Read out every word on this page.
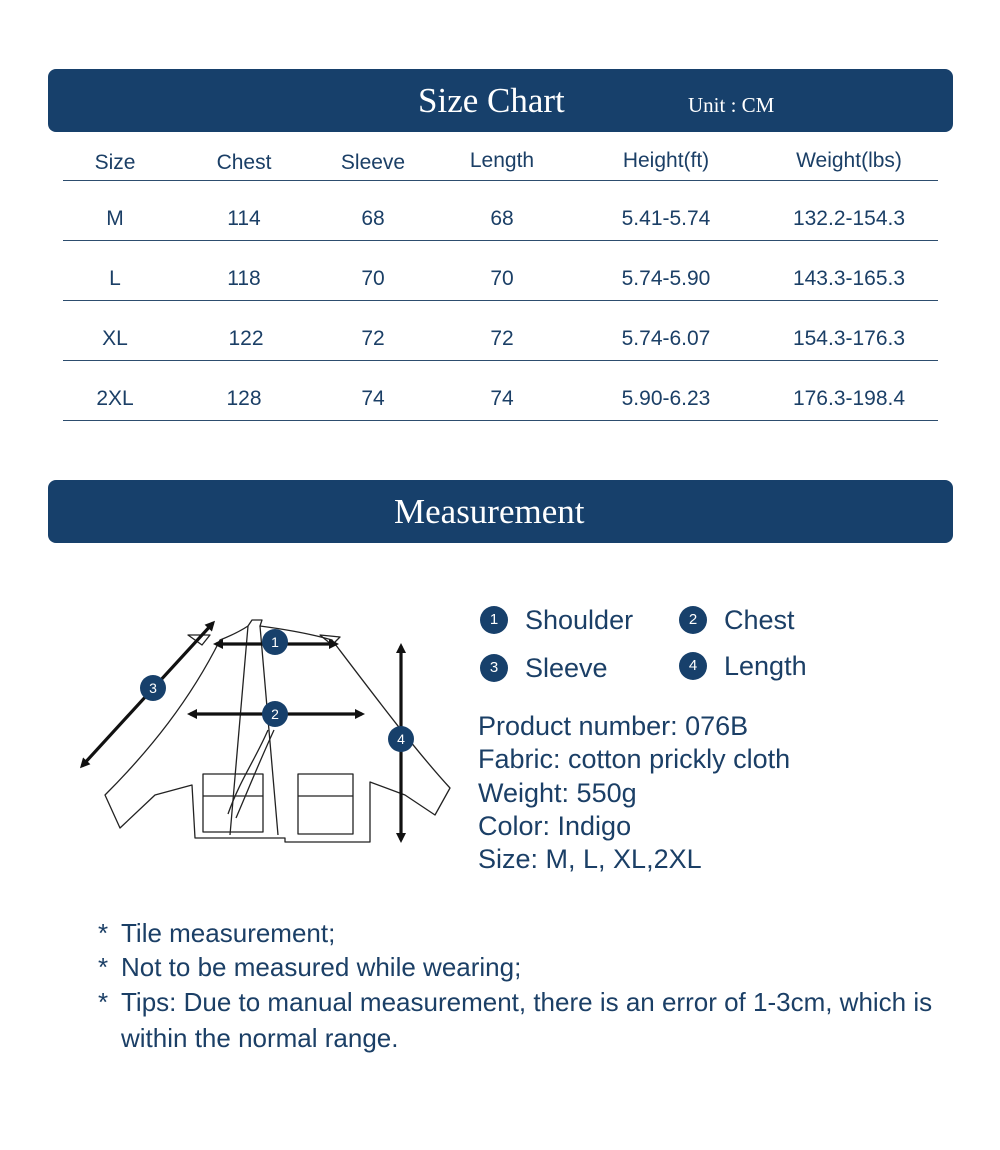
Size Chart	Unit : CM
Size	Chest	Sleeve	Length	Height(ft)	Weight(lbs)
M	114	68	68	5.41-5.74	132.2-154.3
L	118	70	70	5.74-5.90	143.3-165.3
XL	122	72	72	5.74-6.07	154.3-176.3
2XL	128	74	74	5.90-6.23	176.3-198.4
Measurement
1
2
3
4
1 Shoulder	2 Chest
3 Sleeve	4 Length
Product number: 076B
Fabric: cotton prickly cloth
Weight: 550g
Color: Indigo
Size: M, L, XL,2XL
* Tile measurement;
* Not to be measured while wearing;
* Tips: Due to manual measurement, there is an error of 1-3cm, which is within the normal range.
